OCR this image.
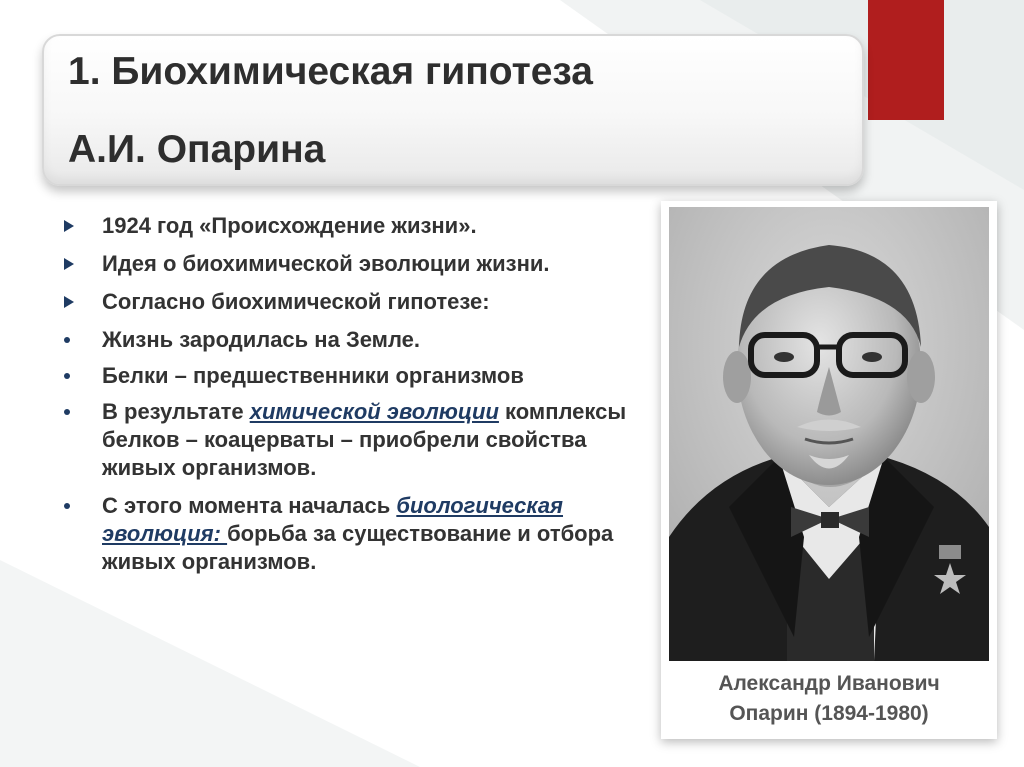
1. Биохимическая гипотеза
А.И. Опарина
1924 год «Происхождение жизни».
Идея о биохимической эволюции жизни.
Согласно биохимической гипотезе:
Жизнь зародилась на Земле.
Белки – предшественники организмов
В результате химической эволюции комплексы белков – коацерваты – приобрели свойства живых организмов.
С этого момента началась биологическая эволюция: борьба за существование и отбора живых организмов.
Александр Иванович
Опарин (1894-1980)
